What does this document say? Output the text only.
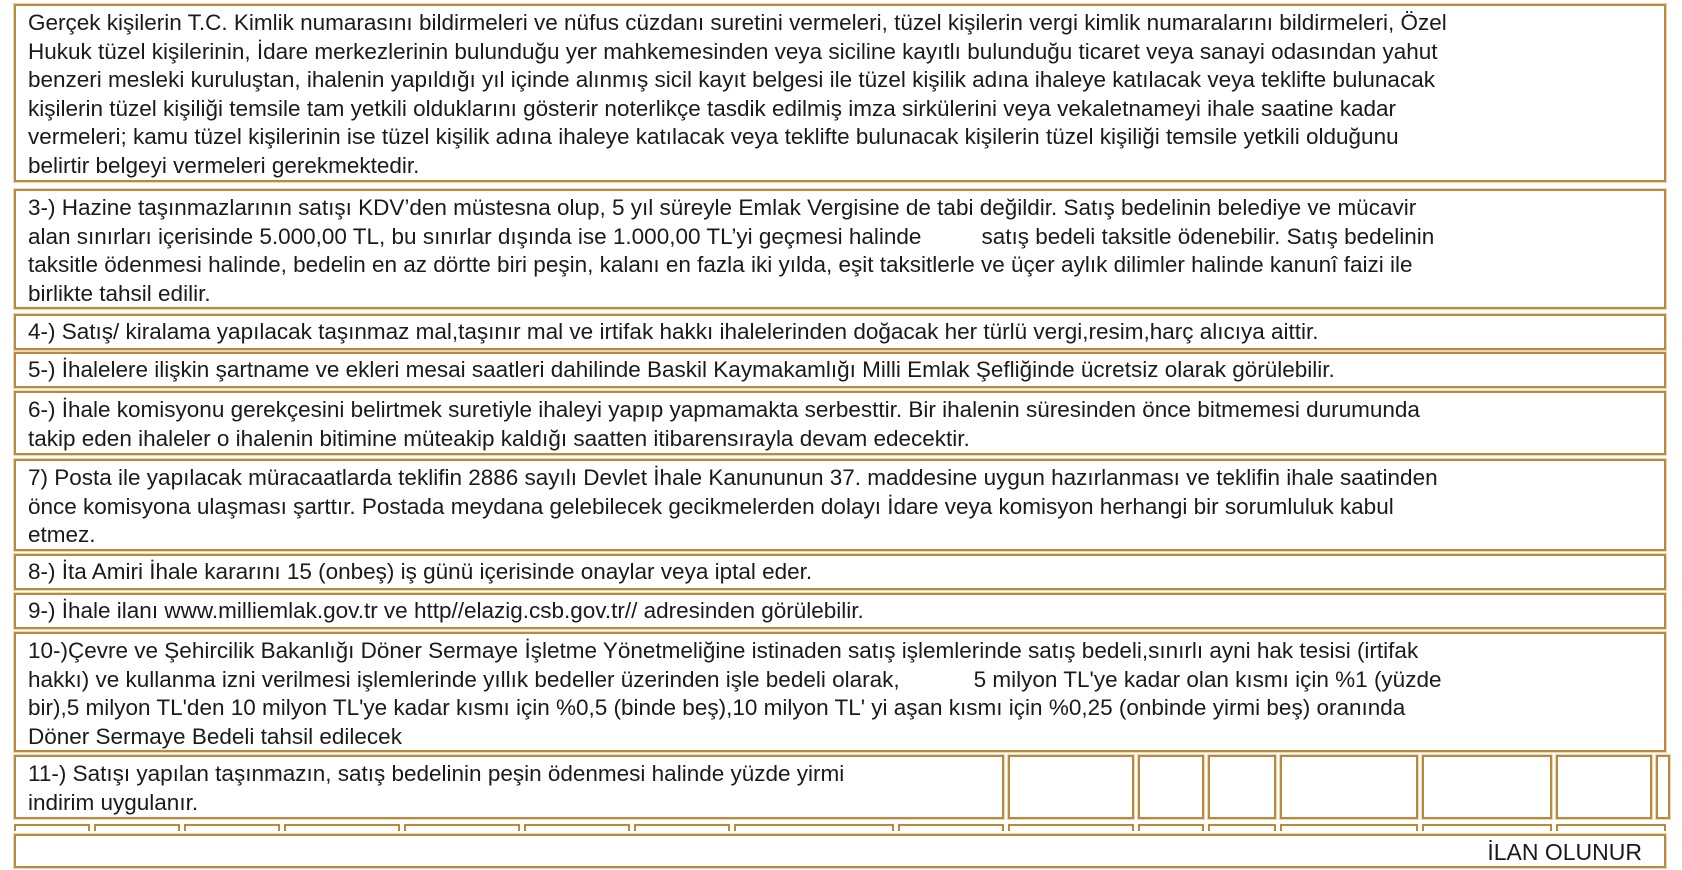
Gerçek kişilerin T.C. Kimlik numarasını bildirmeleri ve nüfus cüzdanı suretini vermeleri, tüzel kişilerin vergi kimlik numaralarını bildirmeleri, Özel
Hukuk tüzel kişilerinin, İdare merkezlerinin bulunduğu yer mahkemesinden veya siciline kayıtlı bulunduğu ticaret veya sanayi odasından yahut
benzeri mesleki kuruluştan, ihalenin yapıldığı yıl içinde alınmış sicil kayıt belgesi ile tüzel kişilik adına ihaleye katılacak veya teklifte bulunacak
kişilerin tüzel kişiliği temsile tam yetkili olduklarını gösterir noterlikçe tasdik edilmiş imza sirkülerini veya vekaletnameyi ihale saatine kadar
vermeleri; kamu tüzel kişilerinin ise tüzel kişilik adına ihaleye katılacak veya teklifte bulunacak kişilerin tüzel kişiliği temsile yetkili olduğunu
belirtir belgeyi vermeleri gerekmektedir.
3-) Hazine taşınmazlarının satışı KDV’den müstesna olup, 5 yıl süreyle Emlak Vergisine de tabi değildir. Satış bedelinin belediye ve mücavir
alan sınırları içerisinde 5.000,00 TL, bu sınırlar dışında ise 1.000,00 TL’yi geçmesi halinde	satış bedeli taksitle ödenebilir. Satış bedelinin
taksitle ödenmesi halinde, bedelin en az dörtte biri peşin, kalanı en fazla iki yılda, eşit taksitlerle ve üçer aylık dilimler halinde kanunî faizi ile
birlikte tahsil edilir.
4-) Satış/ kiralama yapılacak taşınmaz mal,taşınır mal ve irtifak hakkı ihalelerinden doğacak her türlü vergi,resim,harç alıcıya aittir.
5-) İhalelere ilişkin şartname ve ekleri mesai saatleri dahilinde Baskil Kaymakamlığı Milli Emlak Şefliğinde ücretsiz olarak görülebilir.
6-) İhale komisyonu gerekçesini belirtmek suretiyle ihaleyi yapıp yapmamakta serbesttir. Bir ihalenin süresinden önce bitmemesi durumunda
takip eden ihaleler o ihalenin bitimine müteakip kaldığı saatten itibarensırayla devam edecektir.
7) Posta ile yapılacak müracaatlarda teklifin 2886 sayılı Devlet İhale Kanununun 37. maddesine uygun hazırlanması ve teklifin ihale saatinden
önce komisyona ulaşması şarttır. Postada meydana gelebilecek gecikmelerden dolayı İdare veya komisyon herhangi bir sorumluluk kabul
etmez.
8-) İta Amiri İhale kararını 15 (onbeş) iş günü içerisinde onaylar veya iptal eder.
9-) İhale ilanı www.milliemlak.gov.tr ve http//elazig.csb.gov.tr// adresinden görülebilir.
10-)Çevre ve Şehircilik Bakanlığı Döner Sermaye İşletme Yönetmeliğine istinaden satış işlemlerinde satış bedeli,sınırlı ayni hak tesisi (irtifak
hakkı) ve kullanma izni verilmesi işlemlerinde yıllık bedeller üzerinden işle bedeli olarak,	5 milyon TL'ye kadar olan kısmı için %1 (yüzde
bir),5 milyon TL'den 10 milyon TL'ye kadar kısmı için %0,5 (binde beş),10 milyon TL' yi aşan kısmı için %0,25 (onbinde yirmi beş) oranında
Döner Sermaye Bedeli tahsil edilecek
11-) Satışı yapılan taşınmazın, satış bedelinin peşin ödenmesi halinde yüzde yirmi
indirim uygulanır.
İLAN OLUNUR
